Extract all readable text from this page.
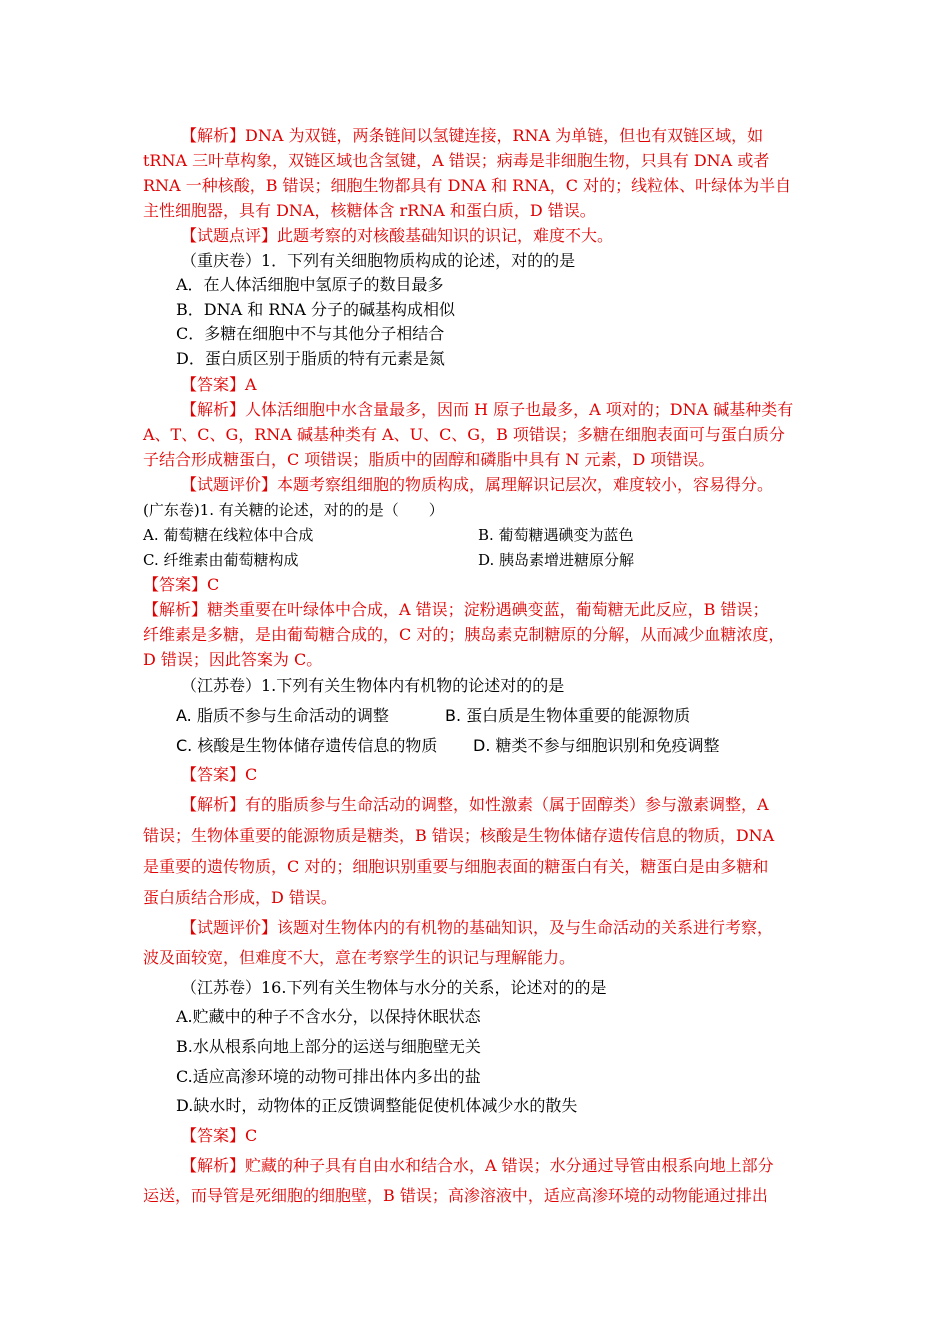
【解析】DNA 为双链，两条链间以氢键连接，RNA 为单链，但也有双链区域，如
tRNA 三叶草构象，双链区域也含氢键，A 错误；病毒是非细胞生物，只具有 DNA 或者
RNA 一种核酸，B 错误；细胞生物都具有 DNA 和 RNA，C 对的；线粒体、叶绿体为半自
主性细胞器，具有 DNA，核糖体含 rRNA 和蛋白质，D 错误。
【试题点评】此题考察的对核酸基础知识的识记，难度不大。
（重庆卷）1．下列有关细胞物质构成的论述，对的的是
A．在人体活细胞中氢原子的数目最多
B．DNA 和 RNA 分子的碱基构成相似
C．多糖在细胞中不与其他分子相结合
D．蛋白质区别于脂质的特有元素是氮
【答案】A
【解析】人体活细胞中水含量最多，因而 H 原子也最多，A 项对的；DNA 碱基种类有
A、T、C、G，RNA 碱基种类有 A、U、C、G，B 项错误；多糖在细胞表面可与蛋白质分
子结合形成糖蛋白，C 项错误；脂质中的固醇和磷脂中具有 N 元素，D 项错误。
【试题评价】本题考察组细胞的物质构成，属理解识记层次，难度较小，容易得分。
(广东卷)1. 有关糖的论述，对的的是（　　）
A. 葡萄糖在线粒体中合成	B. 葡萄糖遇碘变为蓝色
C. 纤维素由葡萄糖构成	D. 胰岛素增进糖原分解
【答案】C
【解析】糖类重要在叶绿体中合成，A 错误；淀粉遇碘变蓝，葡萄糖无此反应，B 错误；
纤维素是多糖，是由葡萄糖合成的，C 对的；胰岛素克制糖原的分解，从而减少血糖浓度，
D 错误；因此答案为 C。
（江苏卷）1.下列有关生物体内有机物的论述对的的是
A. 脂质不参与生命活动的调整	B. 蛋白质是生物体重要的能源物质
C. 核酸是生物体储存遗传信息的物质 D. 糖类不参与细胞识别和免疫调整
【答案】C
【解析】有的脂质参与生命活动的调整，如性激素（属于固醇类）参与激素调整，A
错误；生物体重要的能源物质是糖类，B 错误；核酸是生物体储存遗传信息的物质，DNA
是重要的遗传物质，C 对的；细胞识别重要与细胞表面的糖蛋白有关，糖蛋白是由多糖和
蛋白质结合形成，D 错误。
【试题评价】该题对生物体内的有机物的基础知识，及与生命活动的关系进行考察，
波及面较宽，但难度不大，意在考察学生的识记与理解能力。
（江苏卷）16.下列有关生物体与水分的关系，论述对的的是
A.贮藏中的种子不含水分，以保持休眠状态
B.水从根系向地上部分的运送与细胞壁无关
C.适应高渗环境的动物可排出体内多出的盐
D.缺水时，动物体的正反馈调整能促使机体减少水的散失
【答案】C
【解析】贮藏的种子具有自由水和结合水，A 错误；水分通过导管由根系向地上部分
运送，而导管是死细胞的细胞壁，B 错误；高渗溶液中，适应高渗环境的动物能通过排出
